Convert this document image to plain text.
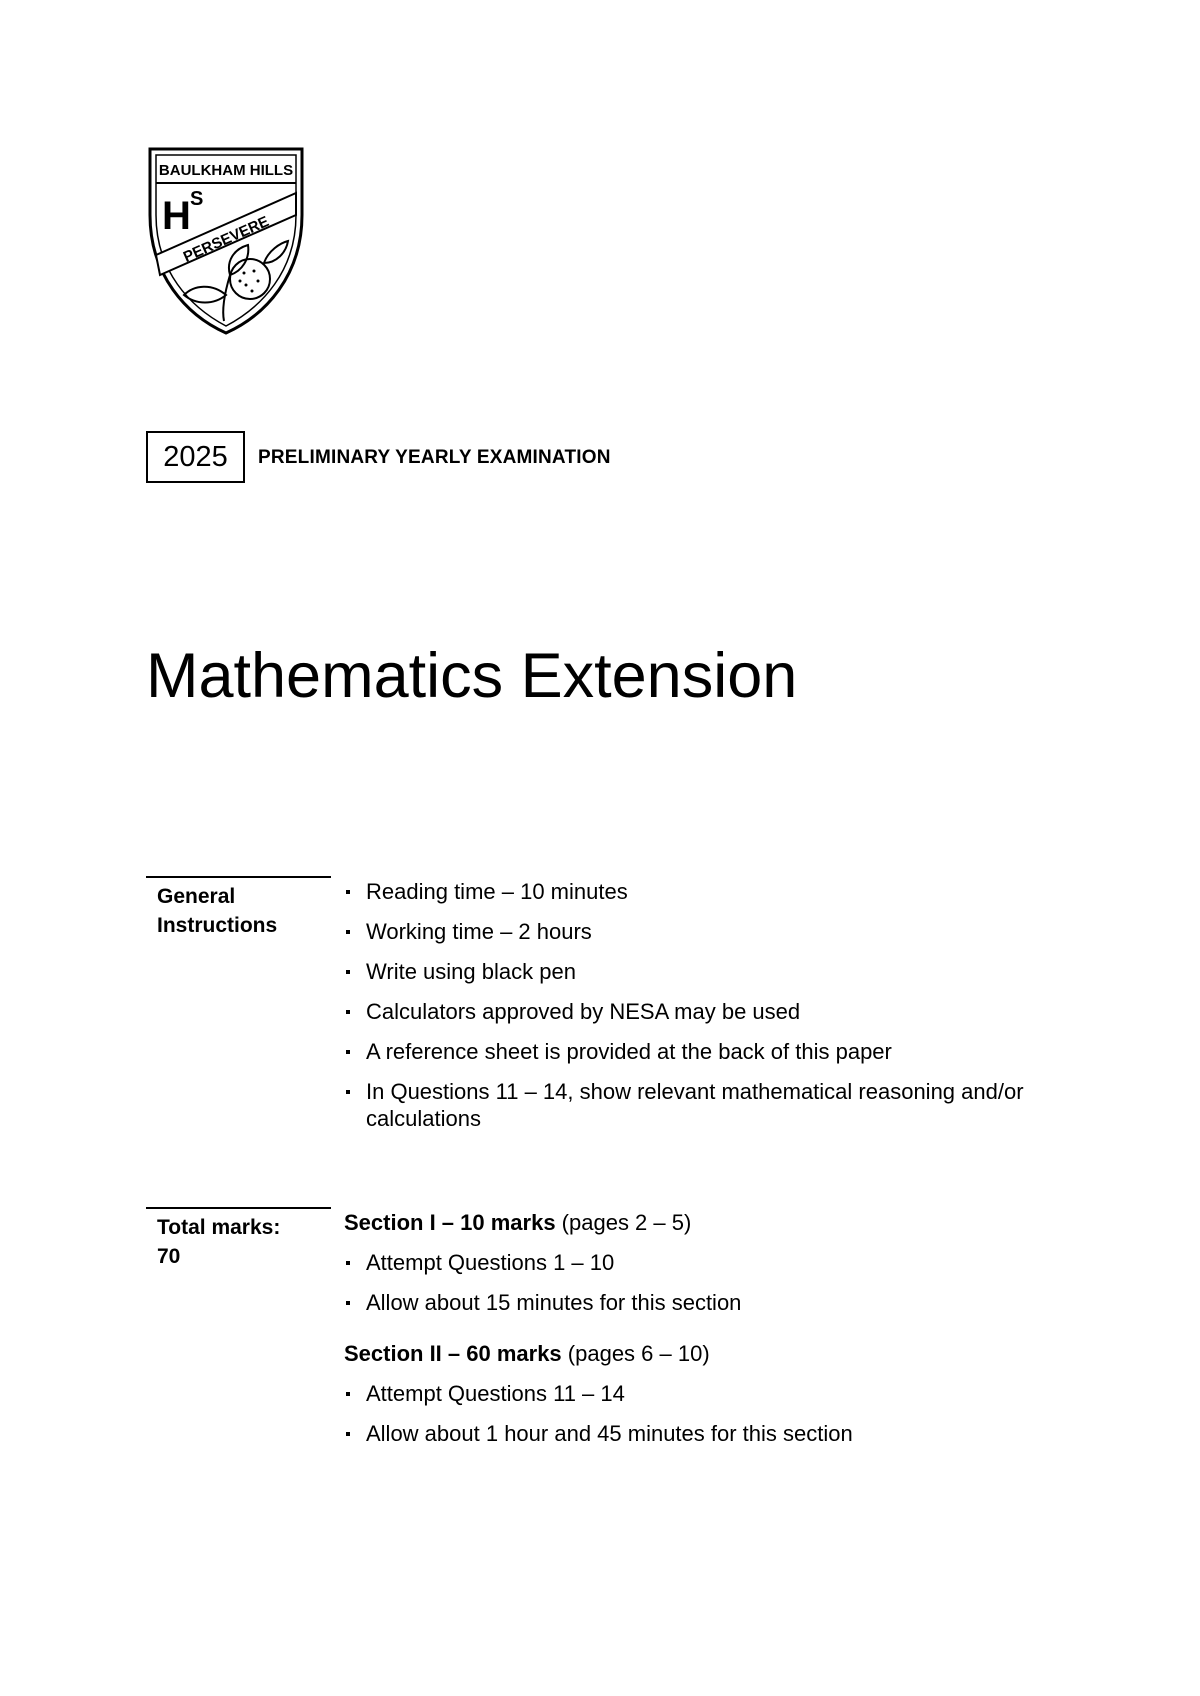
BAULKHAM HILLS
H S
PERSEVERE
2025	PRELIMINARY YEARLY EXAMINATION
Mathematics Extension
General
Instructions
Reading time – 10 minutes
Working time – 2 hours
Write using black pen
Calculators approved by NESA may be used
A reference sheet is provided at the back of this paper
In Questions 11 – 14, show relevant mathematical reasoning and/or calculations
Total marks:
70

Section I – 10 marks (pages 2 – 5)

Attempt Questions 1 – 10
Allow about 15 minutes for this section

Section II – 60 marks (pages 6 – 10)

Attempt Questions 11 – 14
Allow about 1 hour and 45 minutes for this section
